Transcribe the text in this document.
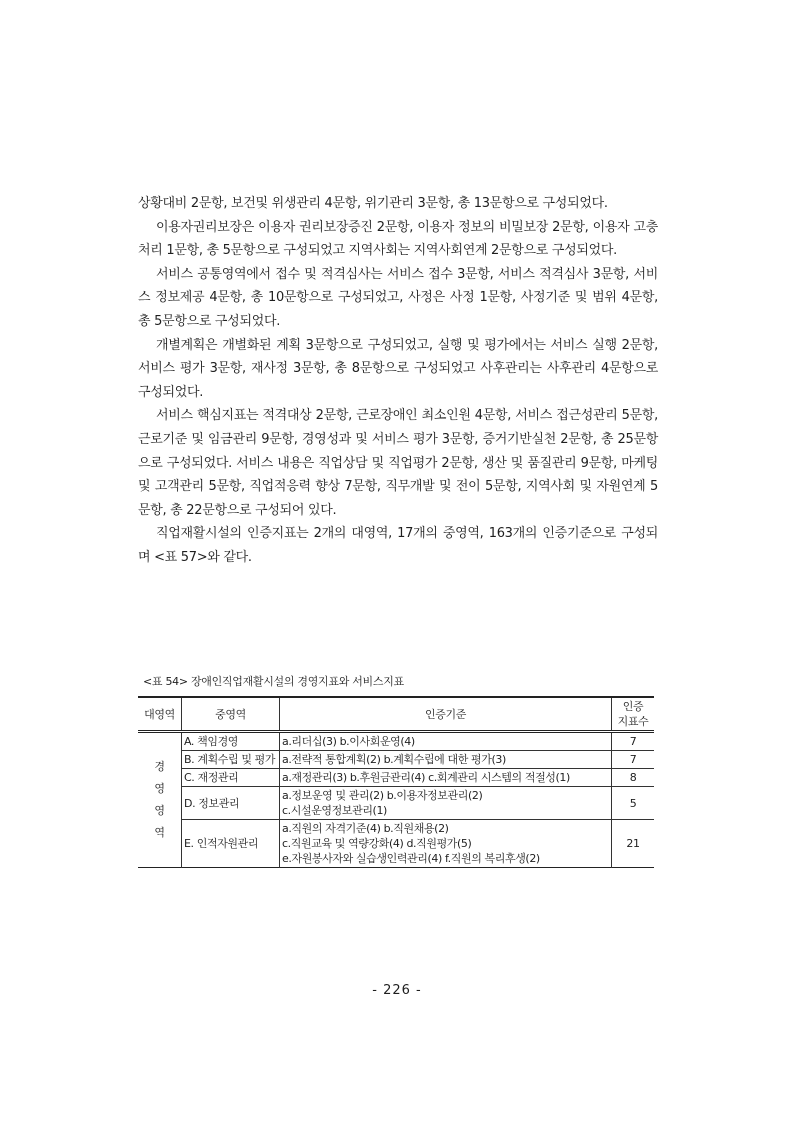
상황대비 2문항, 보건및 위생관리 4문항, 위기관리 3문항, 총 13문항으로 구성되었다.

이용자권리보장은 이용자 권리보장증진 2문항, 이용자 정보의 비밀보장 2문항, 이용자 고충처리 1문항, 총 5문항으로 구성되었고 지역사회는 지역사회연계 2문항으로 구성되었다.

서비스 공통영역에서 접수 및 적격심사는 서비스 접수 3문항, 서비스 적격심사 3문항, 서비스 정보제공 4문항, 총 10문항으로 구성되었고, 사정은 사정 1문항, 사정기준 및 범위 4문항, 총 5문항으로 구성되었다.

개별계획은 개별화된 계획 3문항으로 구성되었고, 실행 및 평가에서는 서비스 실행 2문항, 서비스 평가 3문항, 재사정 3문항, 총 8문항으로 구성되었고 사후관리는 사후관리 4문항으로 구성되었다.

서비스 핵심지표는 적격대상 2문항, 근로장애인 최소인원 4문항, 서비스 접근성관리 5문항, 근로기준 및 임금관리 9문항, 경영성과 및 서비스 평가 3문항, 증거기반실천 2문항, 총 25문항으로 구성되었다. 서비스 내용은 직업상담 및 직업평가 2문항, 생산 및 품질관리 9문항, 마케팅 및 고객관리 5문항, 직업적응력 향상 7문항, 직무개발 및 전이 5문항, 지역사회 및 자원연계 5문항, 총 22문항으로 구성되어 있다.

직업재활시설의 인증지표는 2개의 대영역, 17개의 중영역, 163개의 인증기준으로 구성되며 <표 57>와 같다.

<표 54> 장애인직업재활시설의 경영지표와 서비스지표
대영역	중영역	인증기준	인증
지표수

경
영
영
역	A. 책임경영	a.리더십(3) b.이사회운영(4)	7
	B. 계획수립 및 평가	a.전략적 통합계획(2) b.계획수립에 대한 평가(3)	7
	C. 재정관리	a.재정관리(3) b.후원금관리(4) c.회계관리 시스템의 적절성(1)	8
	D. 정보관리	a.정보운영 및 관리(2) b.이용자정보관리(2)
c.시설운영정보관리(1)	5
	E. 인적자원관리	a.직원의 자격기준(4) b.직원채용(2)
c.직원교육 및 역량강화(4) d.직원평가(5)
e.자원봉사자와 실습생인력관리(4) f.직원의 복리후생(2)	21
- 226 -
